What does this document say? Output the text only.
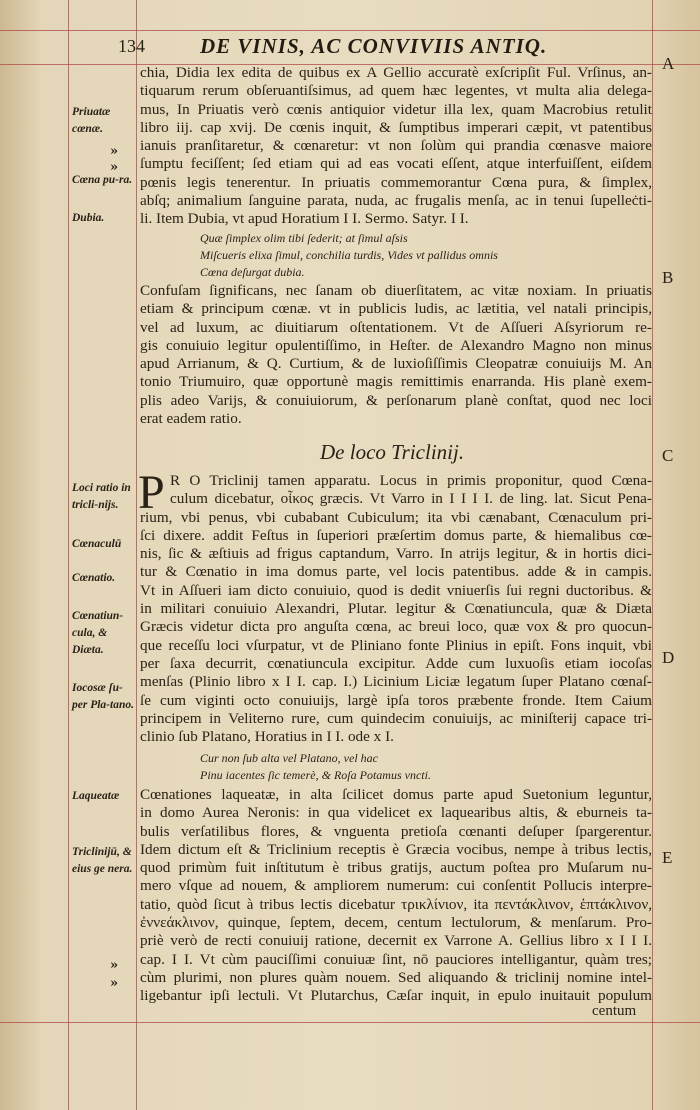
134	DE VINIS, AC CONVIVIIS ANTIQ.
A
B
C
D
E
Priuatæ cœnæ.
Cœna pu-ra.
Dubia.
Loci ratio in tricli-nijs.
Cœnaculū
Cœnatio.
Cœnatiun-cula, & Diæta.
Iocosæ ſu-per Pla-tano.
Laqueatæ
Triclinijū, & eius ge nera.
chia, Didia lex edita de quibus ex A Gellio accuratè exſcripſit Ful. Vrſinus, an-
tiquarum rerum obſeruantiſsimus, ad quem hæc legentes, vt multa alia delega-
mus, In Priuatis verò cœnis antiquior videtur illa lex, quam Macrobius retulit
libro iij. cap xvij. De cœnis inquit, & ſumptibus imperari cæpit, vt patentibus
ianuis pranſitaretur, & cœnaretur: vt non ſolùm qui prandia cœnasve maiore
ſumptu feciſſent; ſed etiam qui ad eas vocati eſſent, atque interfuiſſent, eiſdem
pœnis legis tenerentur. In priuatis commemorantur Cœna pura, & ſimplex,
abſq; animalium ſanguine parata, nuda, ac frugalis menſa, ac in tenui ſupelleċti-
li. Item Dubia, vt apud Horatium I I. Sermo. Satyr. I I.
Quæ ſimplex olim tibi ſederit; at ſimul aſsis
Miſcueris elixa ſimul, conchilia turdis, Vides vt pallidus omnis
Cœna deſurgat dubia.
Confuſam ſignificans, nec ſanam ob diuerſitatem, ac vitæ noxiam. In priuatis
etiam & principum cœnæ. vt in publicis ludis, ac lætitia, vel natali principis,
vel ad luxum, ac diuitiarum oſtentationem. Vt de Aſſueri Aſsyriorum re-
gis conuiuio legitur opulentiſſimo, in Heſter. de Alexandro Magno non minus
apud Arrianum, & Q. Curtium, & de luxioſiſſimis Cleopatræ conuiuijs M. An
tonio Triumuiro, quæ opportunè magis remittimis enarranda. His planè exem-
plis adeo Varijs, & conuiuiorum, & perſonarum planè conſtat, quod nec loci
erat eadem ratio.
De loco Triclinij.
P R O Triclinij tamen apparatu. Locus in primis proponitur, quod Cœna-
culum dicebatur, οἶκος græcis. Vt Varro in I I I I. de ling. lat. Sicut Pena-
rium, vbi penus, vbi cubabant Cubiculum; ita vbi cænabant, Cœnaculum pri-
ſci dixere. addit Feſtus in ſuperiori præſertim domus parte, & hiemalibus cœ-
nis, ſic & æſtiuis ad frigus captandum, Varro. In atrijs legitur, & in hortis dici-
tur & Cœnatio in ima domus parte, vel locis patentibus. adde & in campis.
Vt in Aſſueri iam dicto conuiuio, quod is dedit vniuerſis ſui regni ductoribus. &
in militari conuiuio Alexandri, Plutar. legitur & Cœnatiuncula, quæ & Diæta
Græcis videtur dicta pro anguſta cœna, ac breui loco, quæ vox & pro quocun-
que receſſu loci vſurpatur, vt de Pliniano fonte Plinius in epiſt. Fons inquit, vbi
per ſaxa decurrit, cœnatiuncula excipitur. Adde cum luxuoſis etiam iocoſas
menſas (Plinio libro x I I. cap. I.) Licinium Liciæ legatum ſuper Platano cœnaſ-
ſe cum viginti octo conuiuijs, largè ipſa toros præbente fronde. Item Caium
principem in Veliterno rure, cum quindecim conuiuijs, ac miniſterij capace tri-
clinio ſub Platano, Horatius in I I. ode x I.
Cur non ſub alta vel Platano, vel hac
Pinu iacentes ſic temerè, & Roſa Potamus vncti.
Cœnationes laqueatæ, in alta ſcilicet domus parte apud Suetonium leguntur,
in domo Aurea Neronis: in qua videlicet ex laquearibus altis, & eburneis ta-
bulis verſatilibus flores, & vnguenta pretioſa cœnanti deſuper ſpargerentur.
Idem dictum eſt & Triclinium receptis è Græcia vocibus, nempe à tribus lectis,
quod primùm fuit inſtitutum è tribus gratijs, auctum poſtea pro Muſarum nu-
mero vſque ad nouem, & ampliorem numerum: cui conſentit Pollucis interpre-
tatio, quòd ſicut à tribus lectis dicebatur τρικλίνιον, ita πεντάκλινον, ἑπτάκλινον,
ἐννεάκλινον, quinque, ſeptem, decem, centum lectulorum, & menſarum. Pro-
priè verò de recti conuiuij ratione, decernit ex Varrone A. Gellius libro x I I I.
cap. I I. Vt cùm pauciſſimi conuiuæ ſint, nō pauciores intelligantur, quàm tres;
cùm plurimi, non plures quàm nouem. Sed aliquando & triclinij nomine intel-
ligebantur ipſi lectuli. Vt Plutarchus, Cæſar inquit, in epulo inuitauit populum
»
»
»
»
centum
